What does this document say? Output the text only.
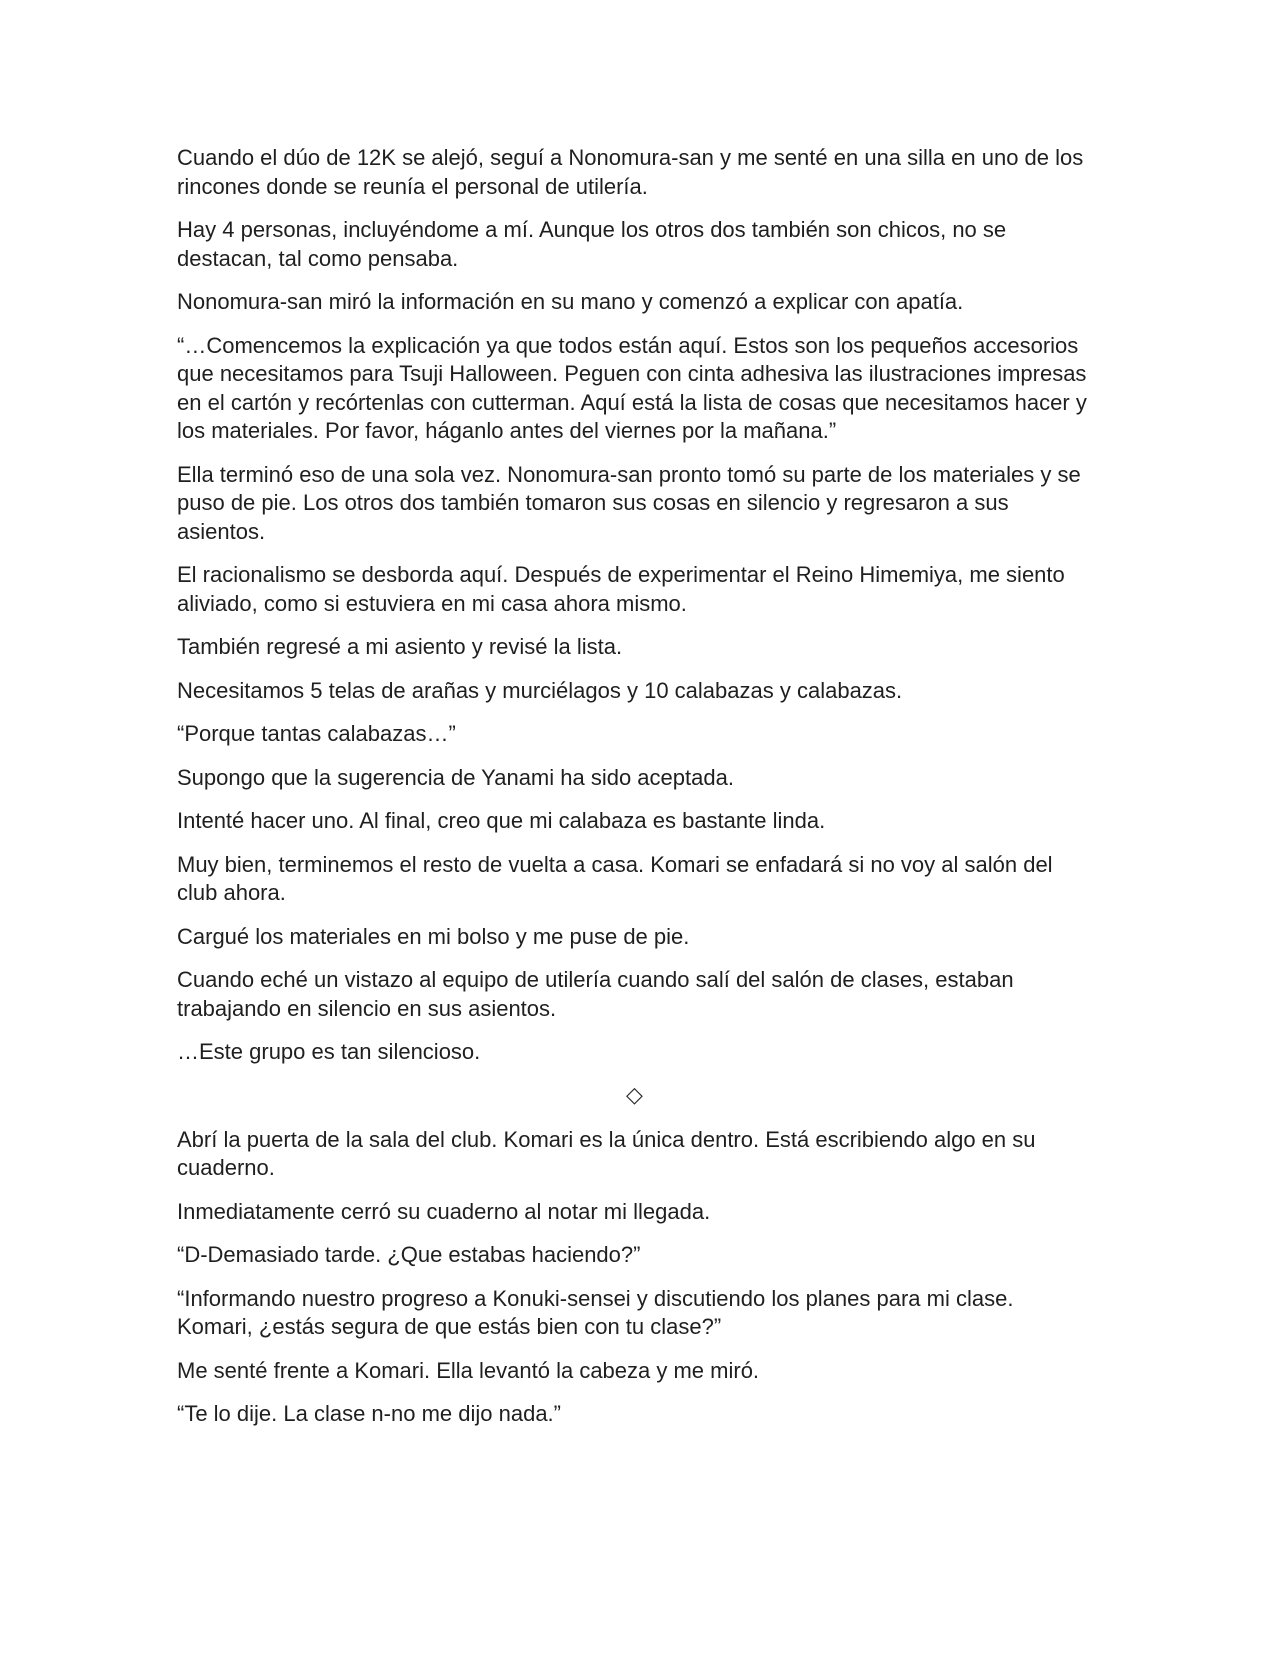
Cuando el dúo de 12K se alejó, seguí a Nonomura-san y me senté en una silla en uno de los rincones donde se reunía el personal de utilería.

Hay 4 personas, incluyéndome a mí. Aunque los otros dos también son chicos, no se destacan, tal como pensaba.

Nonomura-san miró la información en su mano y comenzó a explicar con apatía.

“…Comencemos la explicación ya que todos están aquí. Estos son los pequeños accesorios que necesitamos para Tsuji Halloween. Peguen con cinta adhesiva las ilustraciones impresas en el cartón y recórtenlas con cutterman. Aquí está la lista de cosas que necesitamos hacer y los materiales. Por favor, háganlo antes del viernes por la mañana.”

Ella terminó eso de una sola vez. Nonomura-san pronto tomó su parte de los materiales y se puso de pie. Los otros dos también tomaron sus cosas en silencio y regresaron a sus asientos.

El racionalismo se desborda aquí. Después de experimentar el Reino Himemiya, me siento aliviado, como si estuviera en mi casa ahora mismo.

También regresé a mi asiento y revisé la lista.

Necesitamos 5 telas de arañas y murciélagos y 10 calabazas y calabazas.

“Porque tantas calabazas…”

Supongo que la sugerencia de Yanami ha sido aceptada.

Intenté hacer uno. Al final, creo que mi calabaza es bastante linda.

Muy bien, terminemos el resto de vuelta a casa. Komari se enfadará si no voy al salón del club ahora.

Cargué los materiales en mi bolso y me puse de pie.

Cuando eché un vistazo al equipo de utilería cuando salí del salón de clases, estaban trabajando en silencio en sus asientos.

…Este grupo es tan silencioso.

◇

Abrí la puerta de la sala del club. Komari es la única dentro. Está escribiendo algo en su cuaderno.

Inmediatamente cerró su cuaderno al notar mi llegada.

“D-Demasiado tarde. ¿Que estabas haciendo?”

“Informando nuestro progreso a Konuki-sensei y discutiendo los planes para mi clase. Komari, ¿estás segura de que estás bien con tu clase?”

Me senté frente a Komari. Ella levantó la cabeza y me miró.

“Te lo dije. La clase n-no me dijo nada.”
